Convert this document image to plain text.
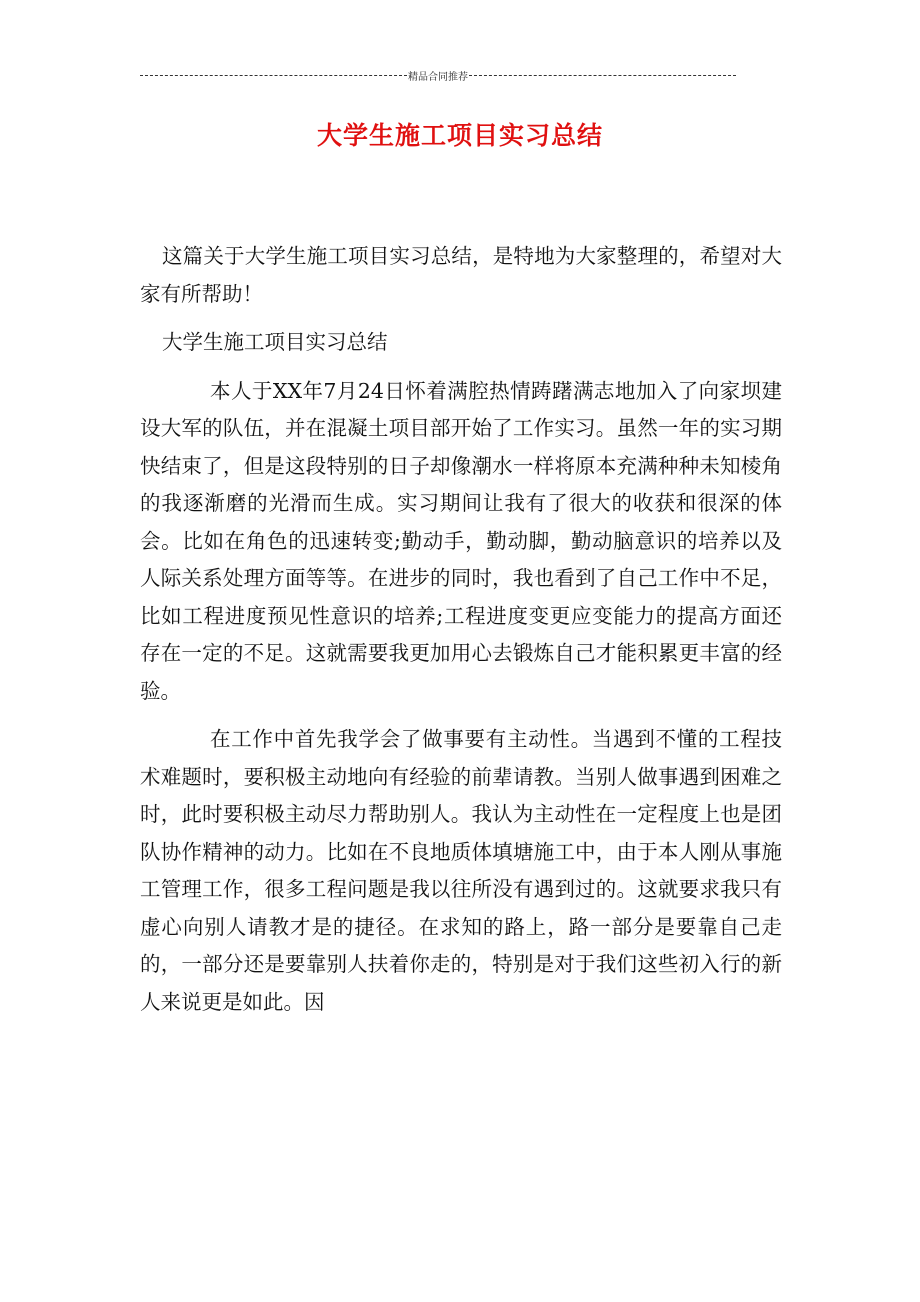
精品合同推荐
大学生施工项目实习总结

这篇关于大学生施工项目实习总结，是特地为大家整理的，希望对大家有所帮助！

大学生施工项目实习总结

本人于XX年7月24日怀着满腔热情踌躇满志地加入了向家坝建设大军的队伍，并在混凝土项目部开始了工作实习。虽然一年的实习期快结束了，但是这段特别的日子却像潮水一样将原本充满种种未知棱角的我逐渐磨的光滑而生成。实习期间让我有了很大的收获和很深的体会。比如在角色的迅速转变;勤动手，勤动脚，勤动脑意识的培养以及人际关系处理方面等等。在进步的同时，我也看到了自己工作中不足，比如工程进度预见性意识的培养;工程进度变更应变能力的提高方面还存在一定的不足。这就需要我更加用心去锻炼自己才能积累更丰富的经验。

在工作中首先我学会了做事要有主动性。当遇到不懂的工程技术难题时，要积极主动地向有经验的前辈请教。当别人做事遇到困难之时，此时要积极主动尽力帮助别人。我认为主动性在一定程度上也是团队协作精神的动力。比如在不良地质体填塘施工中，由于本人刚从事施工管理工作，很多工程问题是我以往所没有遇到过的。这就要求我只有虚心向别人请教才是的捷径。在求知的路上，路一部分是要靠自己走的，一部分还是要靠别人扶着你走的，特别是对于我们这些初入行的新人来说更是如此。因
